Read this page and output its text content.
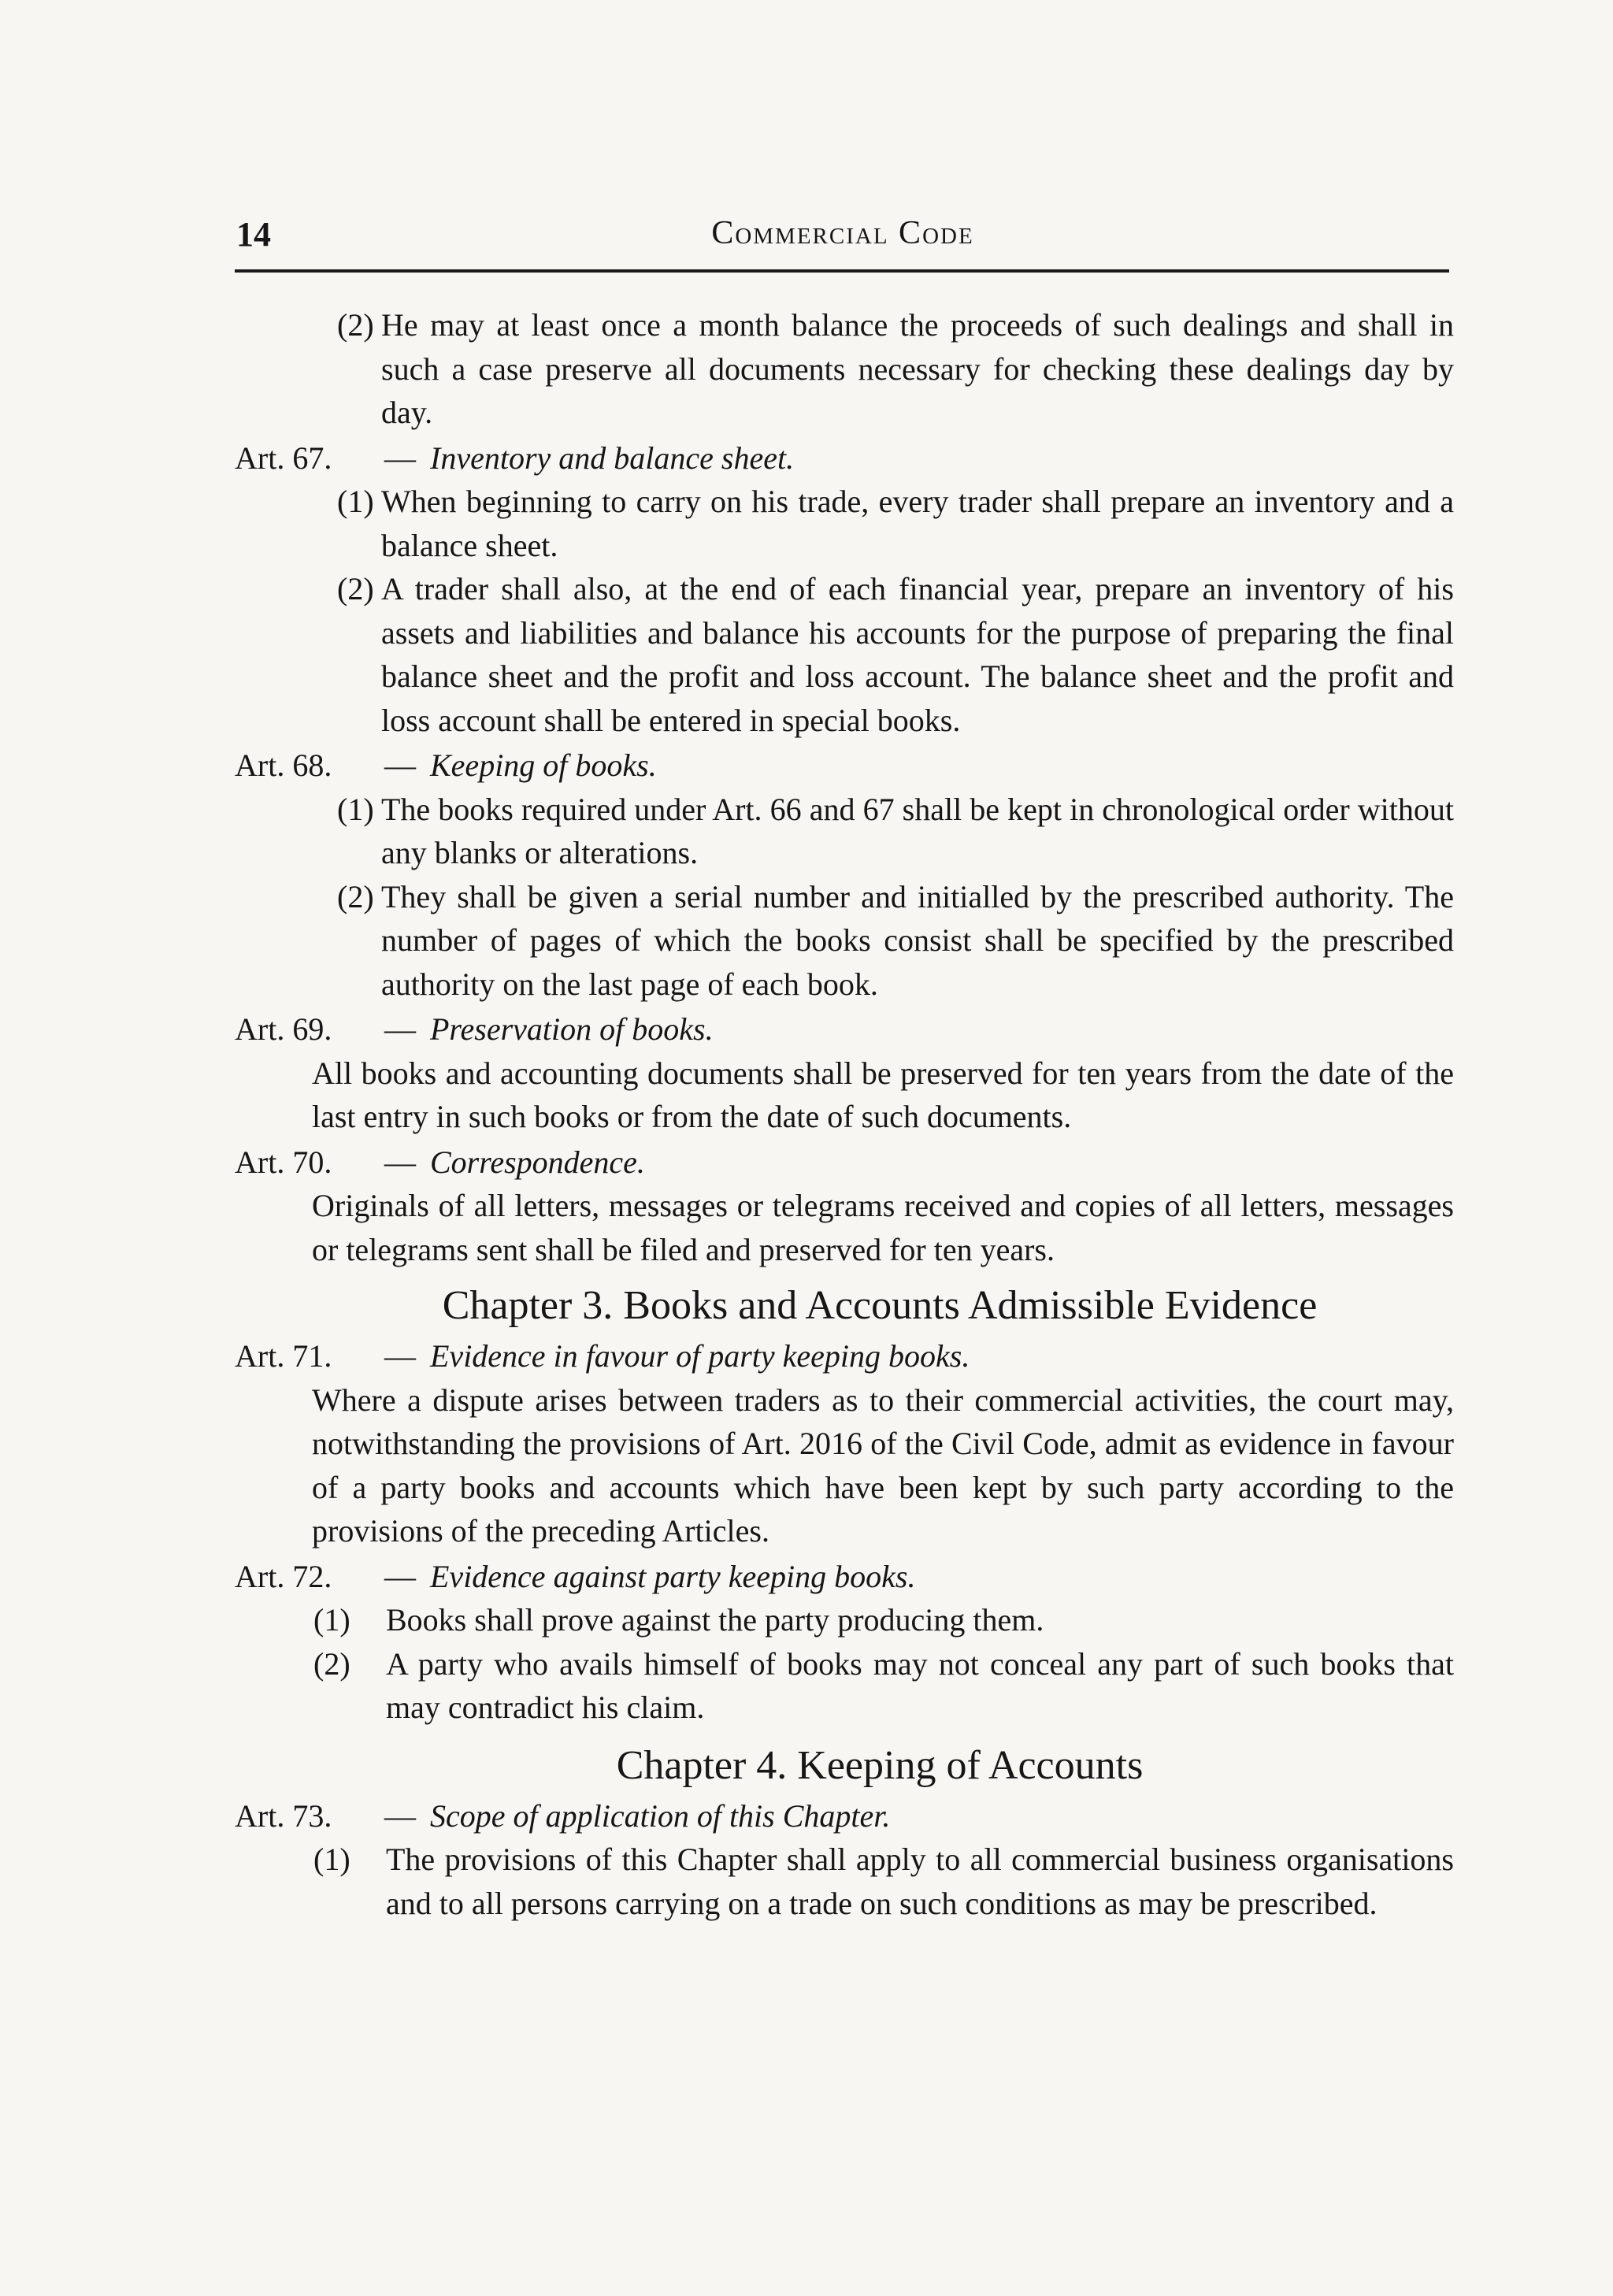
14	Commercial Code

(2) He may at least once a month balance the proceeds of such dealings and shall in such a case preserve all documents necessary for checking these dealings day by day.

Art. 67. — Inventory and balance sheet.

(1) When beginning to carry on his trade, every trader shall prepare an inventory and a balance sheet.

(2) A trader shall also, at the end of each financial year, prepare an inventory of his assets and liabilities and balance his accounts for the purpose of preparing the final balance sheet and the profit and loss account. The balance sheet and the profit and loss account shall be entered in special books.

Art. 68. — Keeping of books.

(1) The books required under Art. 66 and 67 shall be kept in chronological order without any blanks or alterations.

(2) They shall be given a serial number and initialled by the prescribed authority. The number of pages of which the books consist shall be specified by the prescribed authority on the last page of each book.

Art. 69. — Preservation of books.

All books and accounting documents shall be preserved for ten years from the date of the last entry in such books or from the date of such documents.

Art. 70. — Correspondence.

Originals of all letters, messages or telegrams received and copies of all letters, messages or telegrams sent shall be filed and preserved for ten years.

Chapter 3. Books and Accounts Admissible Evidence
Art. 71. — Evidence in favour of party keeping books.

Where a dispute arises between traders as to their commercial activities, the court may, notwithstanding the provisions of Art. 2016 of the Civil Code, admit as evidence in favour of a party books and accounts which have been kept by such party according to the provisions of the preceding Articles.

Art. 72. — Evidence against party keeping books.

(1) Books shall prove against the party producing them.

(2) A party who avails himself of books may not conceal any part of such books that may contradict his claim.

Chapter 4. Keeping of Accounts
Art. 73. — Scope of application of this Chapter.

(1) The provisions of this Chapter shall apply to all commercial business organisations and to all persons carrying on a trade on such conditions as may be prescribed.
